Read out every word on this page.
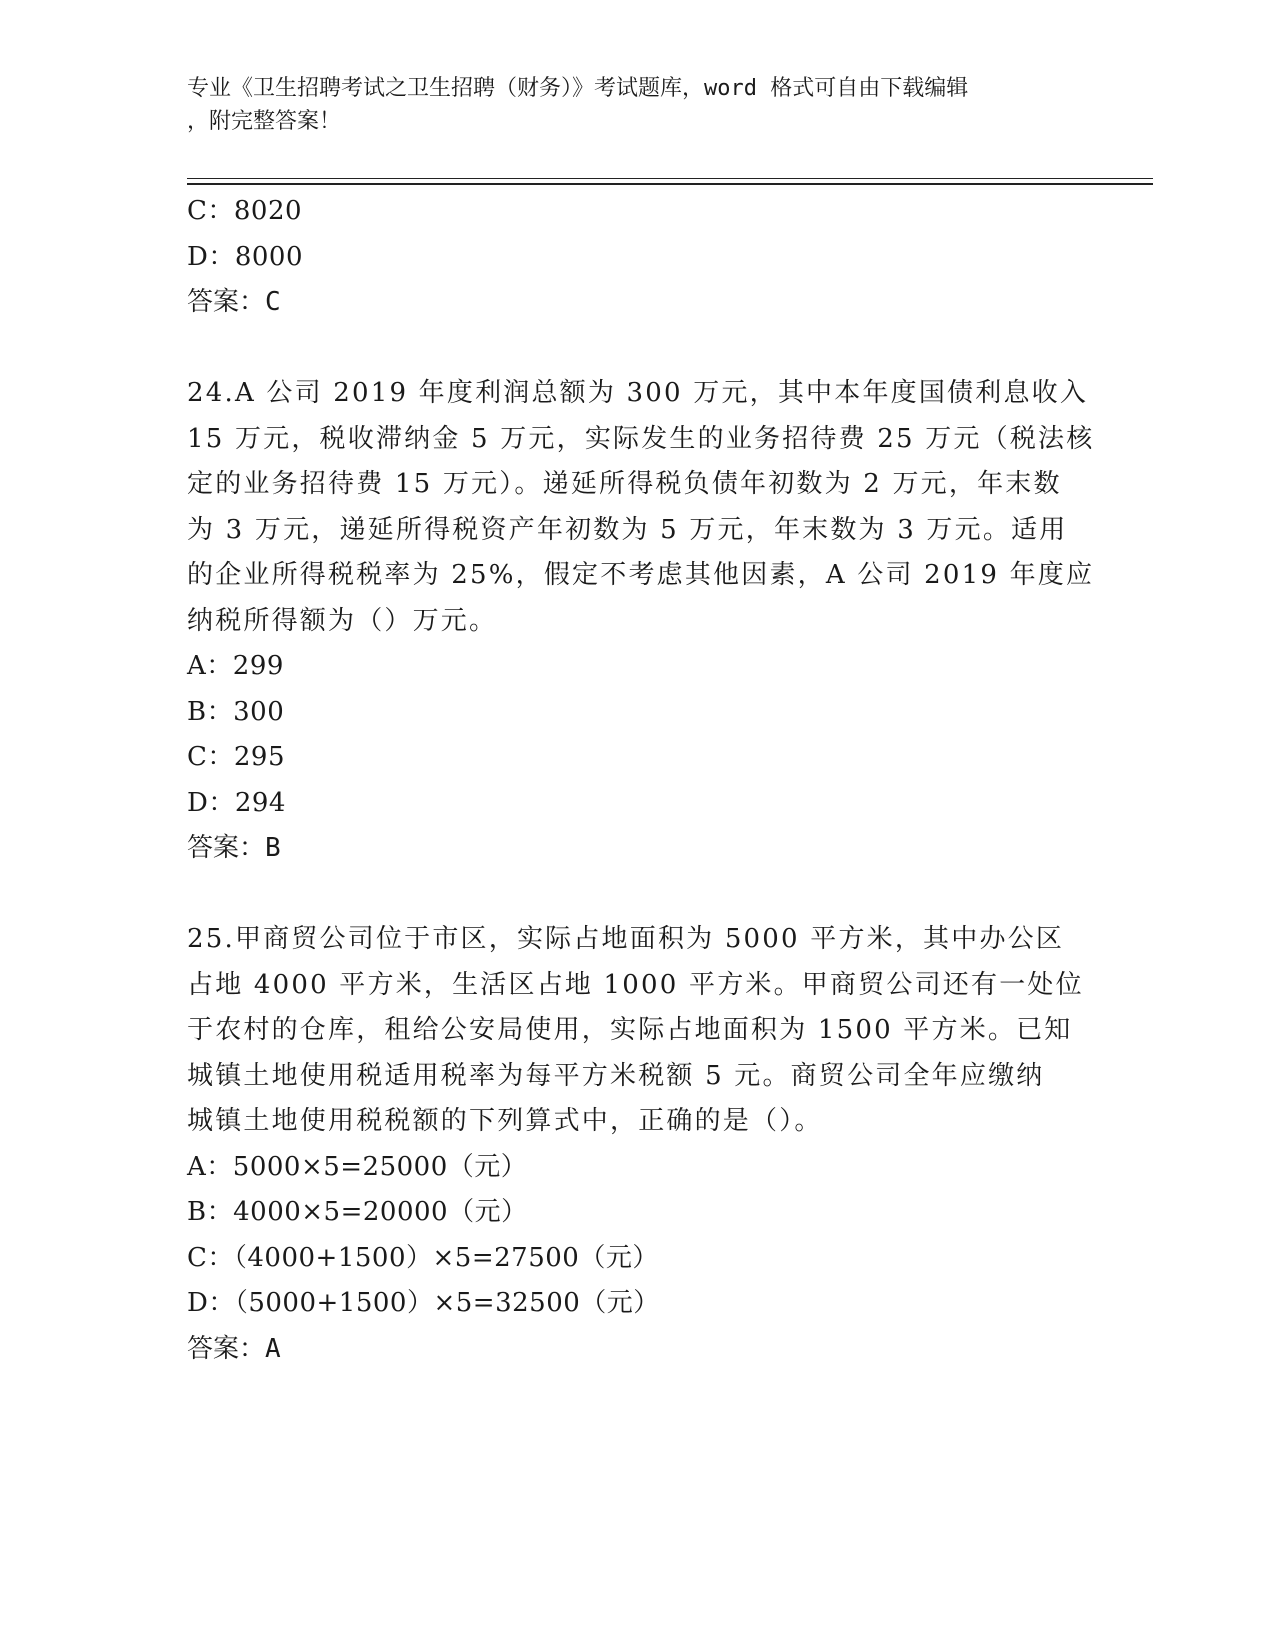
专业《卫生招聘考试之卫生招聘（财务）》考试题库，word 格式可自由下载编辑
，附完整答案！
C：8020
D：8000
答案：C
24.A 公司 2019 年度利润总额为 300 万元，其中本年度国债利息收入
15 万元，税收滞纳金 5 万元，实际发生的业务招待费 25 万元（税法核
定的业务招待费 15 万元）。递延所得税负债年初数为 2 万元，年末数
为 3 万元，递延所得税资产年初数为 5 万元，年末数为 3 万元。适用
的企业所得税税率为 25%，假定不考虑其他因素，A 公司 2019 年度应
纳税所得额为（）万元。
A：299
B：300
C：295
D：294
答案：B
25.甲商贸公司位于市区，实际占地面积为 5000 平方米，其中办公区
占地 4000 平方米，生活区占地 1000 平方米。甲商贸公司还有一处位
于农村的仓库，租给公安局使用，实际占地面积为 1500 平方米。已知
城镇土地使用税适用税率为每平方米税额 5 元。商贸公司全年应缴纳
城镇土地使用税税额的下列算式中，正确的是（）。
A：5000×5=25000（元）
B：4000×5=20000（元）
C：（4000+1500）×5=27500（元）
D：（5000+1500）×5=32500（元）
答案：A
